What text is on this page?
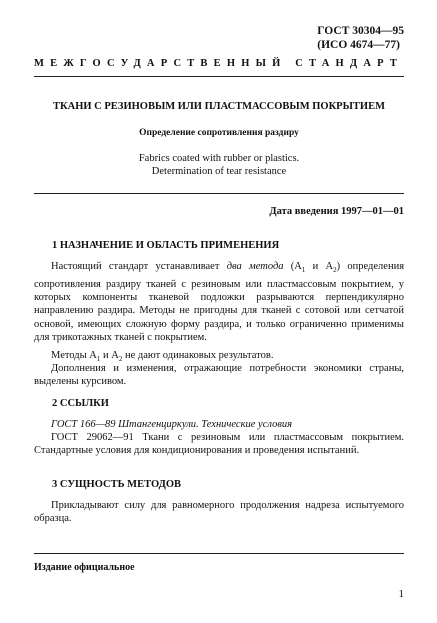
ГОСТ 30304—95
(ИСО 4674—77)
МЕЖГОСУДАРСТВЕННЫЙ СТАНДАРТ
ТКАНИ С РЕЗИНОВЫМ ИЛИ ПЛАСТМАССОВЫМ ПОКРЫТИЕМ
Определение сопротивления раздиру
Fabrics coated with rubber or plastics.
Determination of tear resistance
Дата введения 1997—01—01
1 НАЗНАЧЕНИЕ И ОБЛАСТЬ ПРИМЕНЕНИЯ
Настоящий стандарт устанавливает два метода ($A_1$ и $A_2$) определения сопротивления раздиру тканей с резиновым или пластмассовым покрытием, у которых компоненты тканевой подложки разрываются перпендикулярно направлению раздира. Методы не пригодны для тканей с сотовой или сетчатой основой, имеющих сложную форму раздира, и только ограниченно применимы для трикотажных тканей с покрытием.
Методы $A_1$ и $A_2$ не дают одинаковых результатов.
Дополнения и изменения, отражающие потребности экономики страны, выделены курсивом.
2 ССЫЛКИ
ГОСТ 166—89 Штангенциркули. Технические условия
ГОСТ 29062—91 Ткани с резиновым или пластмассовым покрытием. Стандартные условия для кондиционирования и проведения испытаний.
3 СУЩНОСТЬ МЕТОДОВ
Прикладывают силу для равномерного продолжения надреза испытуемого образца.
Издание официальное
1
